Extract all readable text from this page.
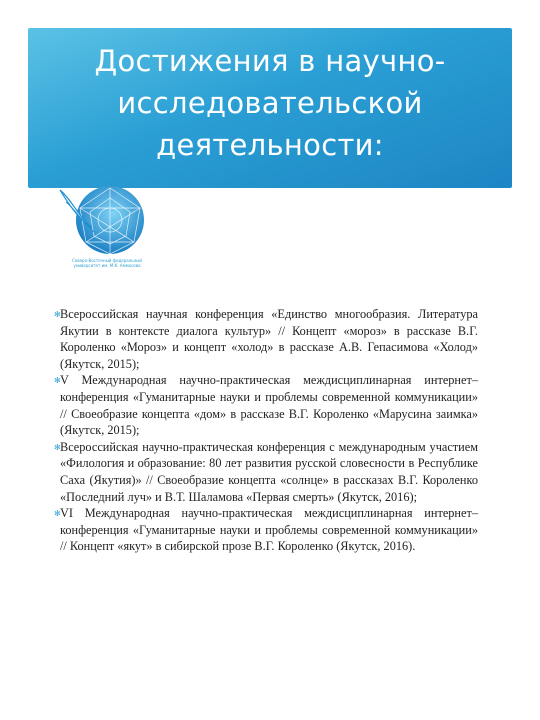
Достижения в научно-
исследовательской
деятельности:
Северо-Восточный федеральный университет им. М.К. Аммосова

✻ Всероссийская научная конференция «Единство многообразия. Литература Якутии в контексте диалога культур» // Концепт «мороз» в рассказе В.Г. Короленко «Мороз» и концепт «холод» в рассказе А.В. Гепасимова «Холод» (Якутск, 2015);

✻ V Международная научно-практическая междисциплинарная интернет–конференция «Гуманитарные науки и проблемы современной коммуникации» // Своеобразие концепта «дом» в рассказе В.Г. Короленко «Марусина заимка» (Якутск, 2015);

✻ Всероссийская научно-практическая конференция с международным участием «Филология и образование: 80 лет развития русской словесности в Республике Саха (Якутия)» // Своеобразие концепта «солнце» в рассказах В.Г. Короленко «Последний луч» и В.Т. Шаламова «Первая смерть» (Якутск, 2016);

✻ VI Международная научно-практическая междисциплинарная интернет–конференция «Гуманитарные науки и проблемы современной коммуникации» // Концепт «якут» в сибирской прозе В.Г. Короленко (Якутск, 2016).
